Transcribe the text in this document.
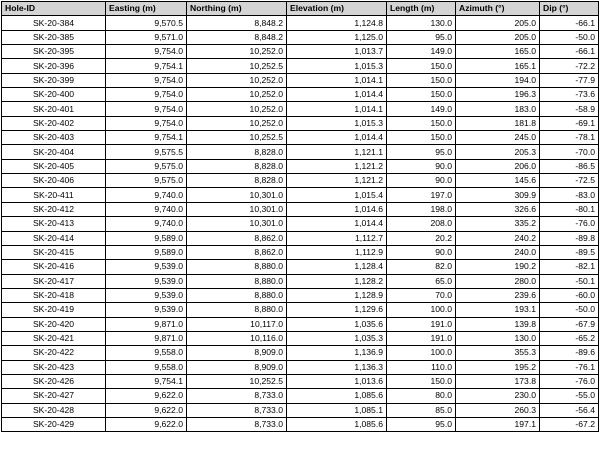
Hole-ID	Easting (m)	Northing (m)	Elevation (m)	Length (m)	Azimuth (°)	Dip (°)
SK-20-384	9,570.5	8,848.2	1,124.8	130.0	205.0	-66.1
SK-20-385	9,571.0	8,848.2	1,125.0	95.0	205.0	-50.0
SK-20-395	9,754.0	10,252.0	1,013.7	149.0	165.0	-66.1
SK-20-396	9,754.1	10,252.5	1,015.3	150.0	165.1	-72.2
SK-20-399	9,754.0	10,252.0	1,014.1	150.0	194.0	-77.9
SK-20-400	9,754.0	10,252.0	1,014.4	150.0	196.3	-73.6
SK-20-401	9,754.0	10,252.0	1,014.1	149.0	183.0	-58.9
SK-20-402	9,754.0	10,252.0	1,015.3	150.0	181.8	-69.1
SK-20-403	9,754.1	10,252.5	1,014.4	150.0	245.0	-78.1
SK-20-404	9,575.5	8,828.0	1,121.1	95.0	205.3	-70.0
SK-20-405	9,575.0	8,828.0	1,121.2	90.0	206.0	-86.5
SK-20-406	9,575.0	8,828.0	1,121.2	90.0	145.6	-72.5
SK-20-411	9,740.0	10,301.0	1,015.4	197.0	309.9	-83.0
SK-20-412	9,740.0	10,301.0	1,014.6	198.0	326.6	-80.1
SK-20-413	9,740.0	10,301.0	1,014.4	208.0	335.2	-76.0
SK-20-414	9,589.0	8,862.0	1,112.7	20.2	240.2	-89.8
SK-20-415	9,589.0	8,862.0	1,112.9	90.0	240.0	-89.5
SK-20-416	9,539.0	8,880.0	1,128.4	82.0	190.2	-82.1
SK-20-417	9,539.0	8,880.0	1,128.2	65.0	280.0	-50.1
SK-20-418	9,539.0	8,880.0	1,128.9	70.0	239.6	-60.0
SK-20-419	9,539.0	8,880.0	1,129.6	100.0	193.1	-50.0
SK-20-420	9,871.0	10,117.0	1,035.6	191.0	139.8	-67.9
SK-20-421	9,871.0	10,116.0	1,035.3	191.0	130.0	-65.2
SK-20-422	9,558.0	8,909.0	1,136.9	100.0	355.3	-89.6
SK-20-423	9,558.0	8,909.0	1,136.3	110.0	195.2	-76.1
SK-20-426	9,754.1	10,252.5	1,013.6	150.0	173.8	-76.0
SK-20-427	9,622.0	8,733.0	1,085.6	80.0	230.0	-55.0
SK-20-428	9,622.0	8,733.0	1,085.1	85.0	260.3	-56.4
SK-20-429	9,622.0	8,733.0	1,085.6	95.0	197.1	-67.2
